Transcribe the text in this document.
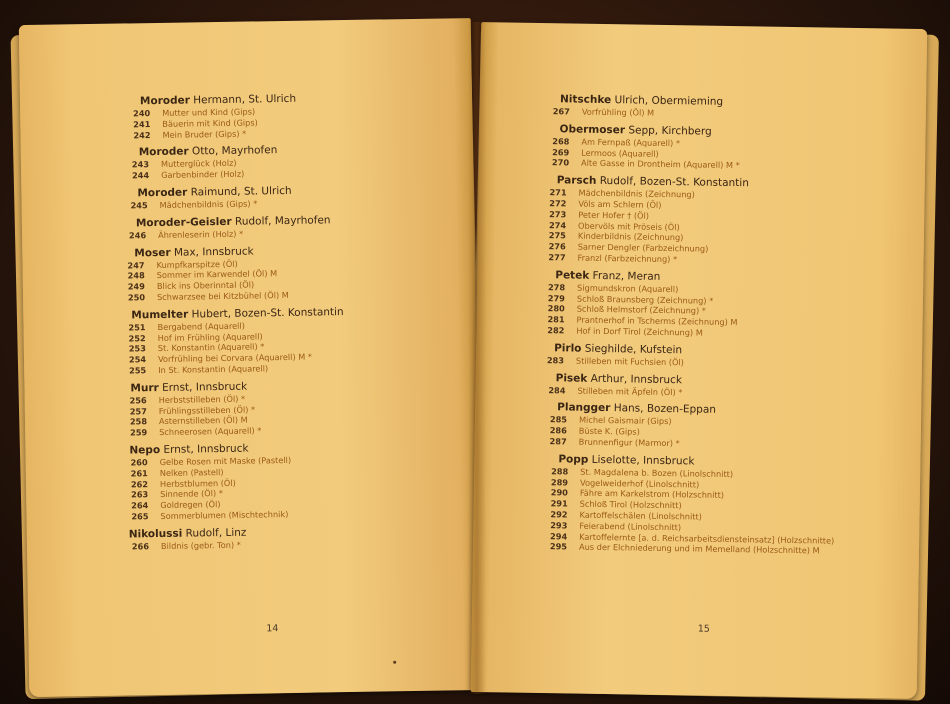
Moroder Hermann, St. Ulrich
240 Mutter und Kind (Gips)
241 Bäuerin mit Kind (Gips)
242 Mein Bruder (Gips) *
Moroder Otto, Mayrhofen
243 Mutterglück (Holz)
244 Garbenbinder (Holz)
Moroder Raimund, St. Ulrich
245 Mädchenbildnis (Gips) *
Moroder-Geisler Rudolf, Mayrhofen
246 Ährenleserin (Holz) *
Moser Max, Innsbruck
247 Kumpfkarspitze (Öl)
248 Sommer im Karwendel (Öl) M
249 Blick ins Oberinntal (Öl)
250 Schwarzsee bei Kitzbühel (Öl) M
Mumelter Hubert, Bozen-St. Konstantin
251 Bergabend (Aquarell)
252 Hof im Frühling (Aquarell)
253 St. Konstantin (Aquarell) *
254 Vorfrühling bei Corvara (Aquarell) M *
255 In St. Konstantin (Aquarell)
Murr Ernst, Innsbruck
256 Herbststilleben (Öl) *
257 Frühlingsstilleben (Öl) *
258 Asternstilleben (Öl) M
259 Schneerosen (Aquarell) *
Nepo Ernst, Innsbruck
260 Gelbe Rosen mit Maske (Pastell)
261 Nelken (Pastell)
262 Herbstblumen (Öl)
263 Sinnende (Öl) *
264 Goldregen (Öl)
265 Sommerblumen (Mischtechnik)
Nikolussi Rudolf, Linz
266 Bildnis (gebr. Ton) *
14
Nitschke Ulrich, Obermieming
267 Vorfrühling (Öl) M
Obermoser Sepp, Kirchberg
268 Am Fernpaß (Aquarell) *
269 Lermoos (Aquarell)
270 Alte Gasse in Drontheim (Aquarell) M *
Parsch Rudolf, Bozen-St. Konstantin
271 Mädchenbildnis (Zeichnung)
272 Völs am Schlern (Öl)
273 Peter Hofer † (Öl)
274 Obervöls mit Pröseis (Öl)
275 Kinderbildnis (Zeichnung)
276 Sarner Dengler (Farbzeichnung)
277 Franzl (Farbzeichnung) *
Petek Franz, Meran
278 Sigmundskron (Aquarell)
279 Schloß Braunsberg (Zeichnung) *
280 Schloß Helmstorf (Zeichnung) *
281 Prantnerhof in Tscherms (Zeichnung) M
282 Hof in Dorf Tirol (Zeichnung) M
Pirlo Sieghilde, Kufstein
283 Stilleben mit Fuchsien (Öl)
Pisek Arthur, Innsbruck
284 Stilleben mit Äpfeln (Öl) *
Plangger Hans, Bozen-Eppan
285 Michel Gaismair (Gips)
286 Büste K. (Gips)
287 Brunnenfigur (Marmor) *
Popp Liselotte, Innsbruck
288 St. Magdalena b. Bozen (Linolschnitt)
289 Vogelweiderhof (Linolschnitt)
290 Fähre am Karkelstrom (Holzschnitt)
291 Schloß Tirol (Holzschnitt)
292 Kartoffelschälen (Linolschnitt)
293 Feierabend (Linolschnitt)
294 Kartoffelernte [a. d. Reichsarbeitsdiensteinsatz] (Holzschnitte)
295 Aus der Elchniederung und im Memelland (Holzschnitte) M
15
